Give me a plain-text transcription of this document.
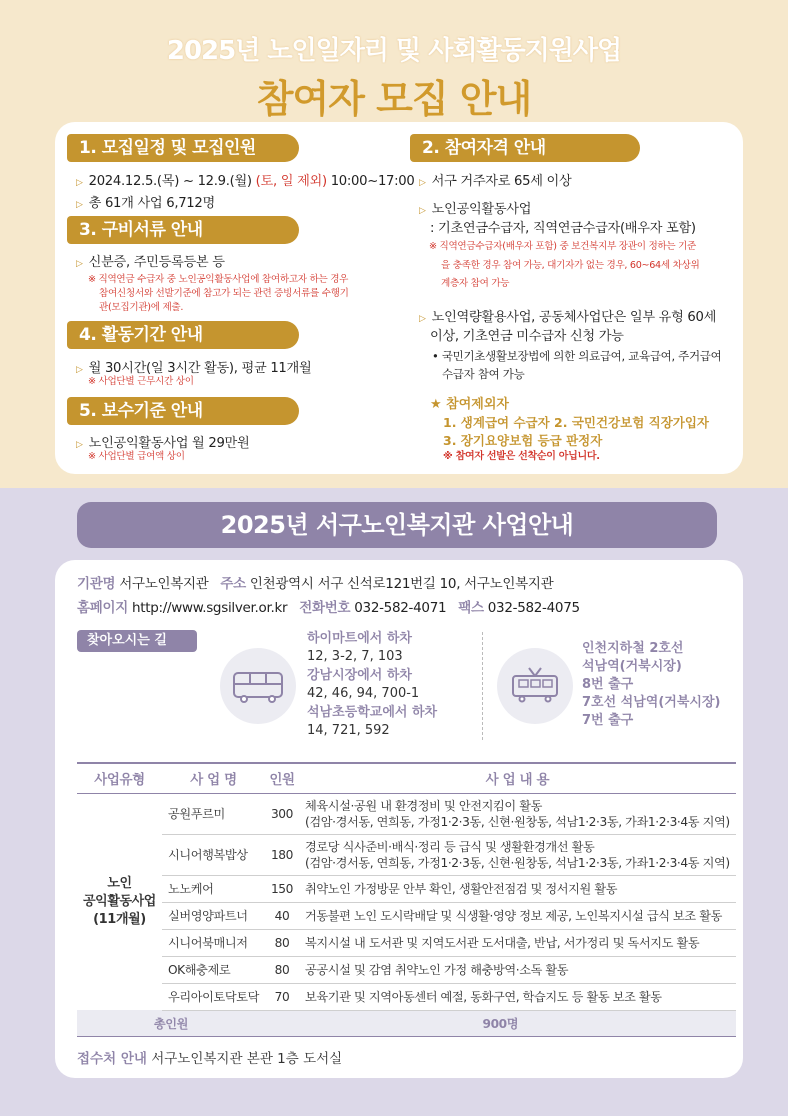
2025년 노인일자리 및 사회활동지원사업
참여자 모집 안내
1. 모집일정 및 모집인원
▷ 2024.12.5.(목) ~ 12.9.(월) (토, 일 제외) 10:00~17:00
▷ 총 61개 사업 6,712명
3. 구비서류 안내
▷ 신분증, 주민등록등본 등
※ 직역연금 수급자 중 노인공익활동사업에 참여하고자 하는 경우
참여신청서와 선발기준에 참고가 되는 관련 증빙서류를 수행기
관(모집기관)에 제출.
4. 활동기간 안내
▷ 월 30시간(일 3시간 활동), 평균 11개월
※ 사업단별 근무시간 상이
5. 보수기준 안내
▷ 노인공익활동사업 월 29만원
※ 사업단별 급여액 상이
2. 참여자격 안내
▷ 서구 거주자로 65세 이상
▷ 노인공익활동사업
: 기초연금수급자, 직역연금수급자(배우자 포함)
※ 직역연금수급자(배우자 포함) 중 보건복지부 장관이 정하는 기준
을 충족한 경우 참여 가능, 대기자가 없는 경우, 60~64세 차상위
계층자 참여 가능
▷ 노인역량활용사업, 공동체사업단은 일부 유형 60세
이상, 기초연금 미수급자 신청 가능
• 국민기초생활보장법에 의한 의료급여, 교육급여, 주거급여
수급자 참여 가능
★ 참여제외자
1. 생계급여 수급자 2. 국민건강보험 직장가입자
3. 장기요양보험 등급 판정자
※ 참여자 선발은 선착순이 아닙니다.
2025년 서구노인복지관 사업안내
기관명 서구노인복지관 주소 인천광역시 서구 신석로121번길 10, 서구노인복지관
홈페이지 http://www.sgsilver.or.kr 전화번호 032-582-4071 팩스 032-582-4075
찾아오시는 길	하이마트에서 하차
12, 3-2, 7, 103
강남시장에서 하차
42, 46, 94, 700-1
석남초등학교에서 하차
14, 721, 592
인천지하철 2호선
석남역(거북시장)
8번 출구
7호선 석남역(거북시장)
7번 출구
사업유형	사 업 명	인원	사 업 내 용
노인
공익활동사업
(11개월)	공원푸르미	300	체육시설·공원 내 환경정비 및 안전지킴이 활동
(검암·경서동, 연희동, 가정1·2·3동, 신현·원창동, 석남1·2·3동, 가좌1·2·3·4동 지역)
	시니어행복밥상	180	경로당 식사준비·배식·정리 등 급식 및 생활환경개선 활동
(검암·경서동, 연희동, 가정1·2·3동, 신현·원창동, 석남1·2·3동, 가좌1·2·3·4동 지역)
	노노케어	150	취약노인 가정방문 안부 확인, 생활안전점검 및 정서지원 활동
	실버영양파트너	40	거동불편 노인 도시락배달 및 식생활·영양 정보 제공, 노인복지시설 급식 보조 활동
	시니어북매니저	80	복지시설 내 도서관 및 지역도서관 도서대출, 반납, 서가정리 및 독서지도 활동
	OK해충제로	80	공공시설 및 감염 취약노인 가정 해충방역·소독 활동
	우리아이토닥토닥	70	보육기관 및 지역아동센터 예절, 동화구연, 학습지도 등 활동 보조 활동
총인원		900명	
접수처 안내 서구노인복지관 본관 1층 도서실
